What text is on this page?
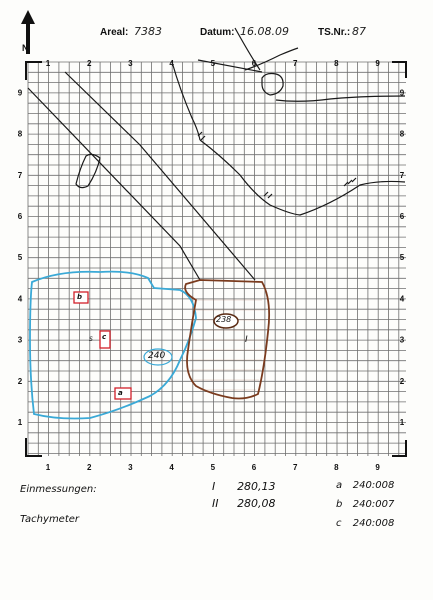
N
Areal: 7383	Datum: 16.08.09	TS.Nr.: 87
1
1
2
2
3
3
4
4
5
5
6
6
7
7
8
8
9
9
1	1
2	2
3	3
4	4
5	5
6	6
7	7
8	8
9	9
238
240
I
S
b
c
a
Einmessungen:
Tachymeter
I 280,13
II 280,08
a 240:008
b 240:007
c 240:008
